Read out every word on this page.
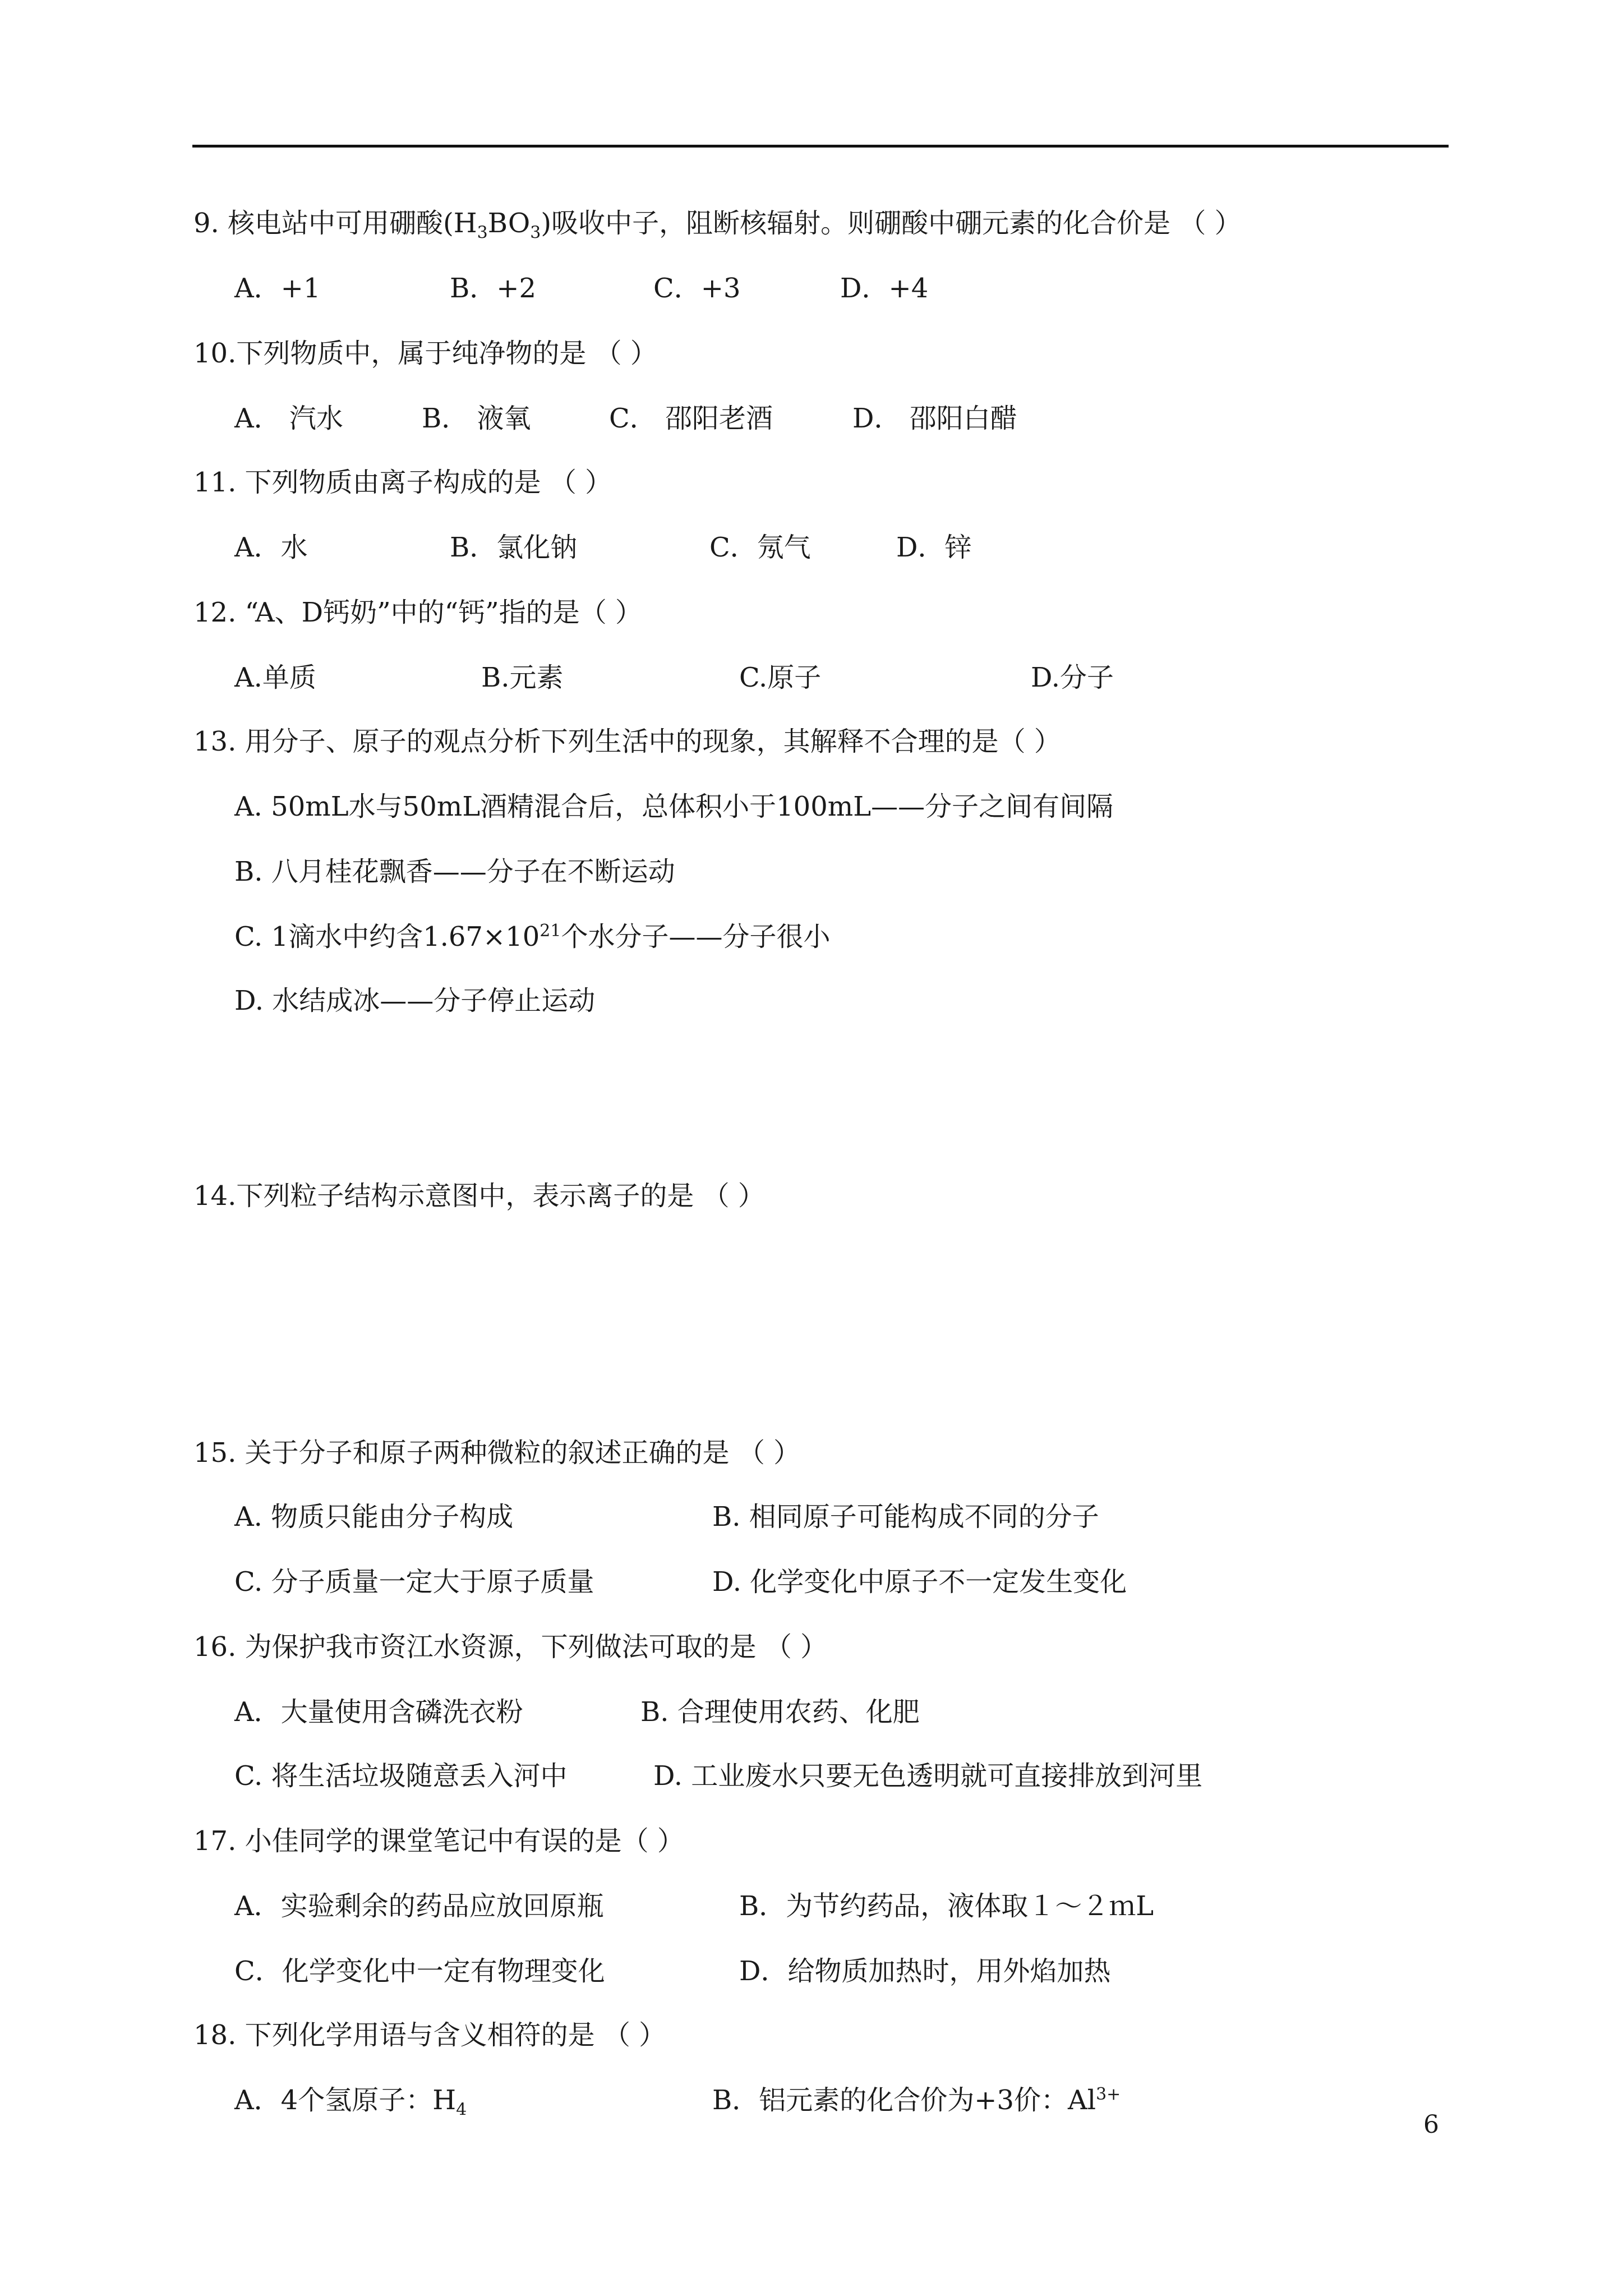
9. 核电站中可用硼酸$(H_3BO_3)$吸收中子，阻断核辐射。则硼酸中硼元素的化合价是 （ ）
A．+1	B．+2	C．+3	D．+4
10.下列物质中，属于纯净物的是 （ ）
A． 汽水	B． 液氧	C． 邵阳老酒	D． 邵阳白醋
11. 下列物质由离子构成的是 （ ）
A．水	B．氯化钠	C．氖气	D．锌
12. “A、D钙奶”中的“钙”指的是（ ）
A.单质	B.元素	C.原子	D.分子
13. 用分子、原子的观点分析下列生活中的现象，其解释不合理的是（ ）
A. 50mL水与50mL酒精混合后，总体积小于100mL——分子之间有间隔
B. 八月桂花飘香——分子在不断运动
C. 1滴水中约含$1.67\times 10^{21}$个水分子——分子很小
D. 水结成冰——分子停止运动
14.下列粒子结构示意图中，表示离子的是 （ ）
15. 关于分子和原子两种微粒的叙述正确的是 （ ）
A. 物质只能由分子构成	B. 相同原子可能构成不同的分子
C. 分子质量一定大于原子质量	D. 化学变化中原子不一定发生变化
16. 为保护我市资江水资源，下列做法可取的是 （ ）
A．大量使用含磷洗衣粉	B. 合理使用农药、化肥
C. 将生活垃圾随意丢入河中	D. 工业废水只要无色透明就可直接排放到河里
17. 小佳同学的课堂笔记中有误的是（ ）
A．实验剩余的药品应放回原瓶	B．为节约药品，液体取１～２ｍL
C．化学变化中一定有物理变化	D．给物质加热时，用外焰加热
18. 下列化学用语与含义相符的是 （ ）
A．4个氢原子：$H_4$	B．铝元素的化合价为+3价：$Al^{3+}$
6
